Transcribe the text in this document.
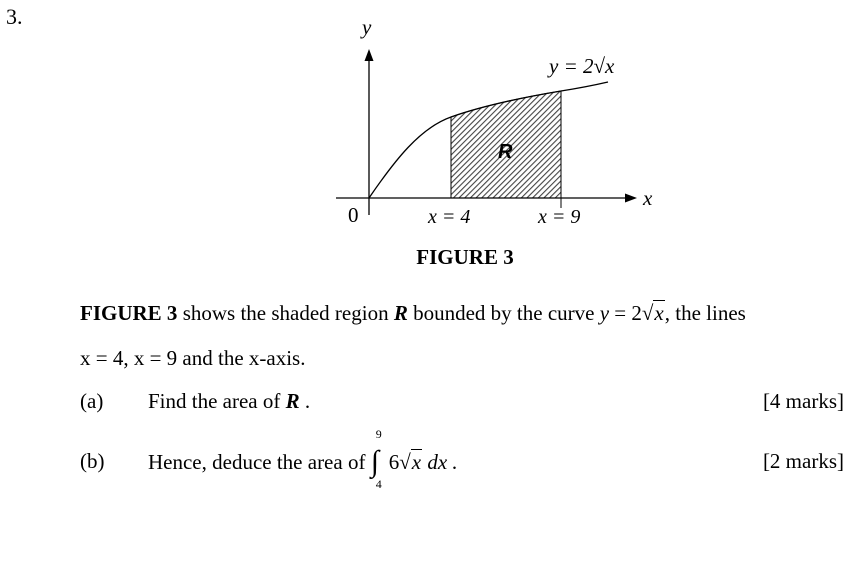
3.	y
x
0
R
y = 2√x
x = 4	x = 9
FIGURE 3
FIGURE 3 shows the shaded region R bounded by the curve y = 2√x, the lines
x = 4, x = 9 and the x-axis.
(a) Find the area of R .	[4 marks]
(b) Hence, deduce the area of
9
∫
4
6√x dx .	[2 marks]
